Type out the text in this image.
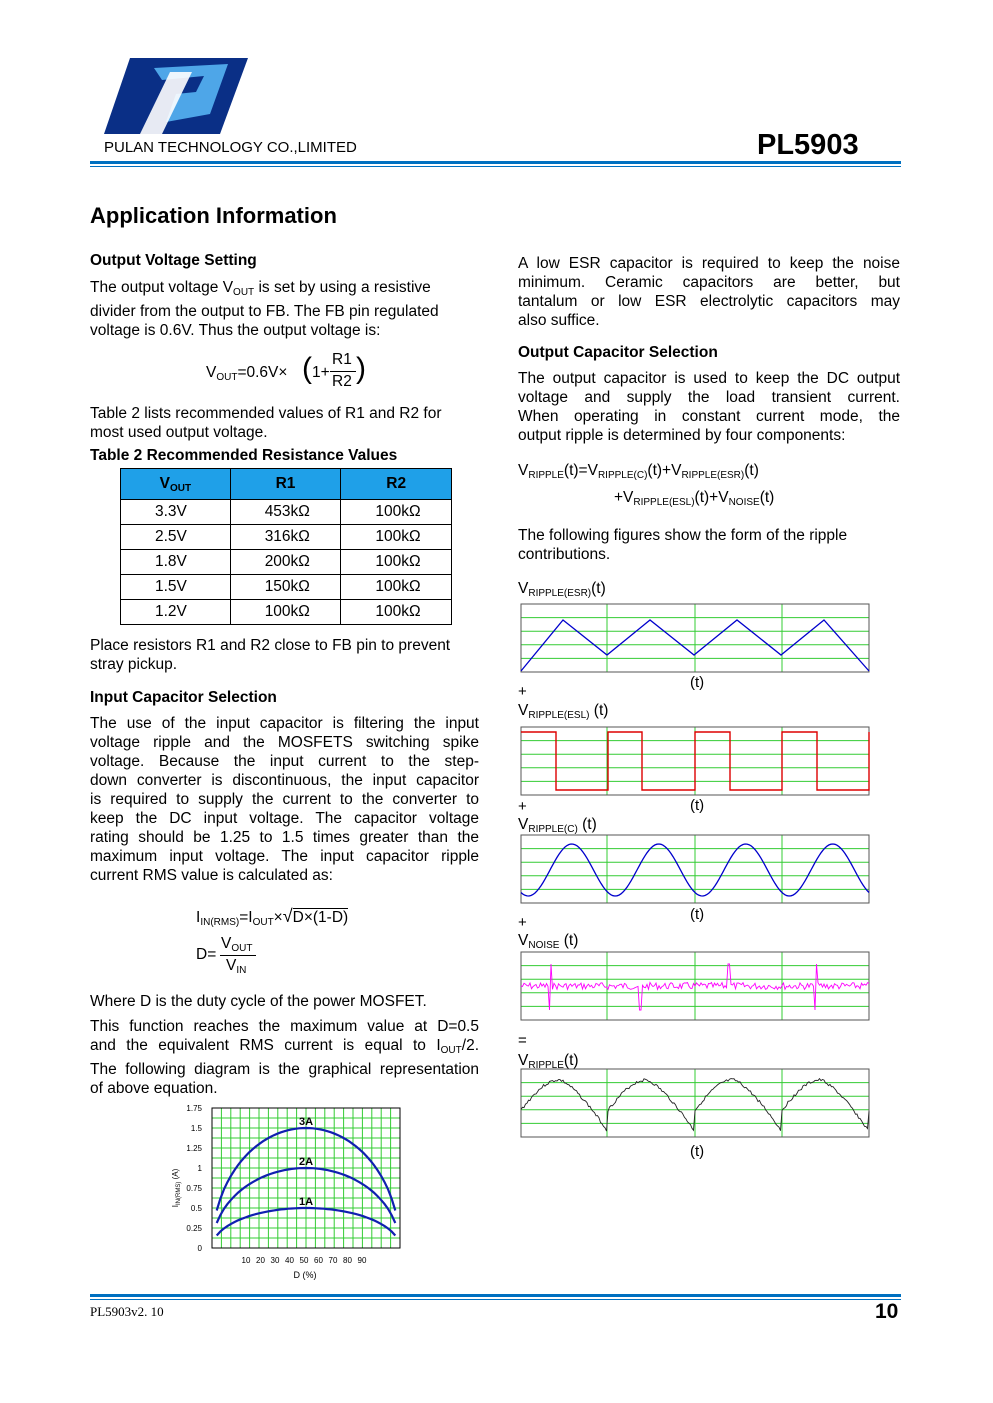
PULAN TECHNOLOGY CO.,LIMITED	PL5903
Application Information
Output Voltage Setting
The output voltage $V_{OUT}$ is set by using a resistive
divider from the output to FB. The FB pin regulated
voltage is 0.6V. Thus the output voltage is:
$V_{OUT}=0.6V\times$ ( 1+
R1
R2 )
Table 2 lists recommended values of R1 and R2 for
most used output voltage.
Table 2 Recommended Resistance Values
$V_{OUT}$	R1	R2
3.3V	453kΩ	100kΩ
2.5V	316kΩ	100kΩ
1.8V	200kΩ	100kΩ
1.5V	150kΩ	100kΩ
1.2V	100kΩ	100kΩ
Place resistors R1 and R2 close to FB pin to prevent
stray pickup.
Input Capacitor Selection
The use of the input capacitor is filtering the input
voltage ripple and the MOSFETS switching spike
voltage. Because the input current to the step-
down converter is discontinuous, the input capacitor
is required to supply the current to the converter to
keep the DC input voltage. The capacitor voltage
rating should be 1.25 to 1.5 times greater than the
maximum input voltage. The input capacitor ripple
current RMS value is calculated as:
$I_{IN(RMS)}=I_{OUT}\times√D\times(1-D)$
D=
$V_{OUT}$
$V_{IN}$
Where D is the duty cycle of the power MOSFET.
This function reaches the maximum value at D=0.5
and the equivalent RMS current is equal to $I_{OUT}/2$.
The following diagram is the graphical representation
of above equation.
1.75
1.5
1.25
1
0.75
0.5
0.25
0
10 20 30 40 50 60 70 80 90
D (%)
$I_{IN(RMS)}$ (A)
3A
2A
1A
A low ESR capacitor is required to keep the noise
minimum. Ceramic capacitors are better, but
tantalum or low ESR electrolytic capacitors may
also suffice.
Output Capacitor Selection
The output capacitor is used to keep the DC output
voltage and supply the load transient current.
When operating in constant current mode, the
output ripple is determined by four components:
$V_{RIPPLE}(t)=V_{RIPPLE(C)}(t)+V_{RIPPLE(ESR)}(t)$
$+V_{RIPPLE(ESL)}(t)+V_{NOISE}(t)$
The following figures show the form of the ripple
contributions.
$V_{RIPPLE(ESR)}(t)$
(t)
+
$V_{RIPPLE(ESL)}$ (t)
(t)
+
$V_{RIPPLE(C)}$ (t)
(t)
+
$V_{NOISE}$ (t)
=
$V_{RIPPLE}(t)$
(t)
PL5903v2. 10	10
